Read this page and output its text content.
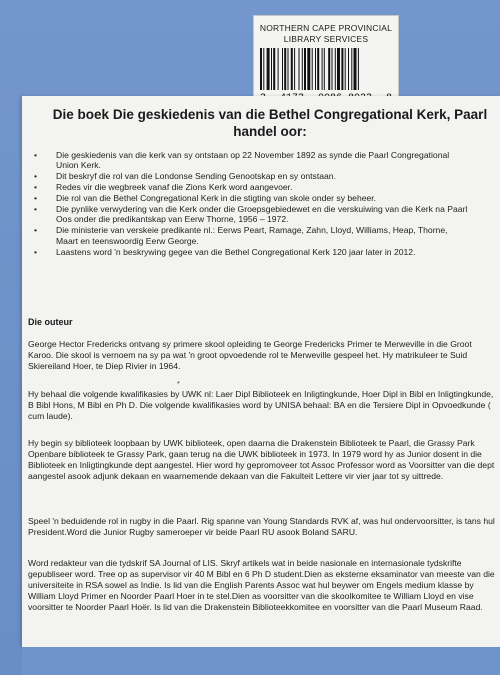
NORTHERN CAPE PROVINCIAL
LIBRARY SERVICES
Die boek Die geskiedenis van die Bethel Congregational Kerk, Paarl handel oor:
• Die geskiedenis van die kerk van sy ontstaan op 22 November 1892 as synde die Paarl Congregational Union Kerk.
• Dit beskryf die rol van die Londonse Sending Genootskap en sy ontstaan.
• Redes vir die wegbreek vanaf die Zions Kerk word aangevoer.
• Die rol van die Bethel Congregational Kerk in die stigting van skole onder sy beheer.
• Die pynlike verwydering van die Kerk onder die Groepsgebiedewet en die verskuiwing van die Kerk na Paarl Oos onder die predikantskap van Eerw Thorne, 1956 – 1972.
• Die ministerie van verskeie predikante nl.: Eerws Peart, Ramage, Zahn, Lloyd, Williams, Heap, Thorne, Maart en teenswoordig Eerw George.
• Laastens word 'n beskrywing gegee van die Bethel Congregational Kerk 120 jaar later in 2012.
Die outeur

George Hector Fredericks ontvang sy primere skool opleiding te George Fredericks Primer te Merweville in die Groot Karoo. Die skool is vernoem na sy pa wat 'n groot opvoedende rol te Merweville gespeel het. Hy matrikuleer te Suid Skiereiland Hoer, te Diep Rivier in 1964.

*

Hy behaal die volgende kwalifikasies by UWK nl: Laer Dipl Biblioteek en Inligtingkunde, Hoer Dipl in Bibl en Inligtingkunde, B Bibl Hons, M Bibl en Ph D. Die volgende kwalifikasies word by UNISA behaal: BA en die Tersiere Dipl in Opvoedkunde ( cum laude).

Hy begin sy biblioteek loopbaan by UWK biblioteek, open daarna die Drakenstein Biblioteek te Paarl, die Grassy Park Openbare biblioteek te Grassy Park, gaan terug na die UWK biblioteek in 1973. In 1979 word hy as Junior dosent in die Biblioteek en Inligtingkunde dept aangestel. Hier word hy gepromoveer tot Assoc Professor word as Voorsitter van die dept aangestel asook adjunk dekaan en waarnemende dekaan van die Fakulteit Lettere vir vier jaar tot sy uittrede.

Speel 'n beduidende rol in rugby in die Paarl. Rig spanne van Young Standards RVK af, was hul ondervoorsitter, is tans hul President.Word die Junior Rugby sameroeper vir beide Paarl RU asook Boland SARU.

Word redakteur van die tydskrif SA Journal of LIS. Skryf artikels wat in beide nasionale en internasionale tydskrifte gepubliseer word. Tree op as supervisor vir 40 M Bibl en 6 Ph D student.Dien as eksterne eksaminator van meeste van die universiteite in RSA sowel as Indie. Is lid van die English Parents Assoc wat hul beywer om Engels medium klasse by William Lloyd Primer en Noorder Paarl Hoer in te stel.Dien as voorsitter van die skoolkomitee te William Lloyd en vise voorsitter te Noorder Paarl Hoër. Is lid van die Drakenstein Biblioteekkomitee en voorsitter van die Paarl Museum Raad.
